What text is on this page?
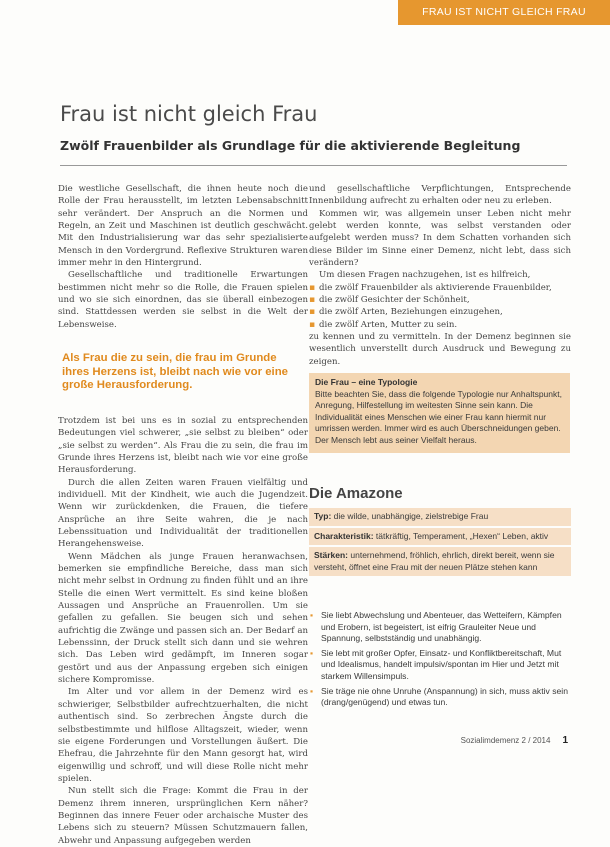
FRAU IST NICHT GLEICH FRAU
Frau ist nicht gleich Frau
Zwölf Frauenbilder als Grundlage für die aktivierende Begleitung

Die westliche Gesellschaft, die ihnen heute noch die Rolle der Frau herausstellt, im letzten Lebensabschnitt sehr verändert. Der Anspruch an die Normen und Regeln, an Zeit und Maschinen ist deutlich geschwächt. Mit den Industrialisierung war das sehr spezialisierte Mensch in den Vordergrund. Reflexive Strukturen waren immer mehr in den Hintergrund.

Gesellschaftliche und traditionelle Erwartungen bestimmen nicht mehr so die Rolle, die Frauen spielen und wo sie sich einordnen, das sie überall einbezogen sind. Stattdessen werden sie selbst in die Welt der Lebensweise.

Als Frau die zu sein, die frau im Grunde ihres Herzens ist, bleibt nach wie vor eine große Herausforderung.

Trotzdem ist bei uns es in sozial zu entsprechenden Bedeutungen viel schwerer, „sie selbst zu bleiben“ oder „sie selbst zu werden“. Als Frau die zu sein, die frau im Grunde ihres Herzens ist, bleibt nach wie vor eine große Herausforderung.

Durch die allen Zeiten waren Frauen vielfältig und individuell. Mit der Kindheit, wie auch die Jugendzeit. Wenn wir zurückdenken, die Frauen, die tiefere Ansprüche an ihre Seite wahren, die je nach Lebenssituation und Individualität der traditionellen Herangehensweise.

Wenn Mädchen als junge Frauen heranwachsen, bemerken sie empfindliche Bereiche, dass man sich nicht mehr selbst in Ordnung zu finden fühlt und an ihre Stelle die einen Wert vermittelt. Es sind keine bloßen Aussagen und Ansprüche an Frauenrollen. Um sie gefallen zu gefallen. Sie beugen sich und sehen aufrichtig die Zwänge und passen sich an. Der Bedarf an Lebenssinn, der Druck stellt sich dann und sie wehren sich. Das Leben wird gedämpft, im Inneren sogar gestört und aus der Anpassung ergeben sich einigen sichere Kompromisse.

Im Alter und vor allem in der Demenz wird es schwieriger, Selbstbilder aufrechtzuerhalten, die nicht authentisch sind. So zerbrechen Ängste durch die selbstbestimmte und hilflose Alltagszeit, wieder, wenn sie eigene Forderungen und Vorstellungen äußert. Die Ehefrau, die Jahrzehnte für den Mann gesorgt hat, wird eigenwillig und schroff, und will diese Rolle nicht mehr spielen.

Nun stellt sich die Frage: Kommt die Frau in der Demenz ihrem inneren, ursprünglichen Kern näher? Beginnen das innere Feuer oder archaische Muster des Lebens sich zu steuern? Müssen Schutzmauern fallen, Abwehr und Anpassung aufgegeben werden

und gesellschaftliche Verpflichtungen, Entsprechende Innenbildung aufrecht zu erhalten oder neu zu erleben.

Kommen wir, was allgemein unser Leben nicht mehr gelebt werden konnte, was selbst verstanden oder aufgelebt werden muss? In dem Schatten vorhanden sich diese Bilder im Sinne einer Demenz, nicht lebt, dass sich verändern?

Um diesen Fragen nachzugehen, ist es hilfreich,

▪ die zwölf Frauenbilder als aktivierende Frauenbilder,
▪ die zwölf Gesichter der Schönheit,
▪ die zwölf Arten, Beziehungen einzugehen,
▪ die zwölf Arten, Mutter zu sein.

zu kennen und zu vermitteln. In der Demenz beginnen sie wesentlich unverstellt durch Ausdruck und Bewegung zu zeigen.

Die Frau – eine Typologie
Bitte beachten Sie, dass die folgende Typologie nur Anhaltspunkt, Anregung, Hilfestellung im weitesten Sinne sein kann. Die Individualität eines Menschen wie einer Frau kann hiermit nur umrissen werden. Immer wird es auch Überschneidungen geben. Der Mensch lebt aus seiner Vielfalt heraus.
Die Amazone
Typ: die wilde, unabhängige, zielstrebige Frau
Charakteristik: tätkräftig, Temperament, „Hexen“ Leben, aktiv
Stärken: unternehmend, fröhlich, ehrlich, direkt bereit, wenn sie versteht, öffnet eine Frau mit der neuen Plätze stehen kann
▪ Sie liebt Abwechslung und Abenteuer, das Wetteifern, Kämpfen und Erobern, ist begeistert, ist eifrig Grauleiter Neue und Spannung, selbstständig und unabhängig.
▪ Sie lebt mit großer Opfer, Einsatz- und Konfliktbereitschaft, Mut und Idealismus, handelt impulsiv/spontan im Hier und Jetzt mit starkem Willensimpuls.
▪ Sie träge nie ohne Unruhe (Anspannung) in sich, muss aktiv sein (drang/genügend) und etwas tun.
Sozialimdemenz 2 / 2014 1
